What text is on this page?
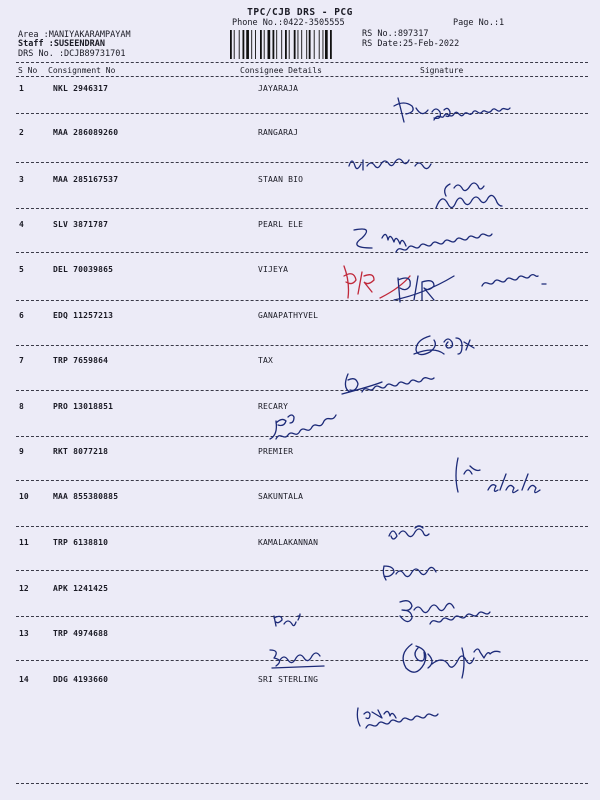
TPC/CJB DRS - PCG
Phone No.:0422-3505555	Page No.:1
Area :MANIYAKARAMPAYAM
Staff :SUSEENDRAN
DRS No. :DCJB89731701
RS No.:897317
RS Date:25-Feb-2022
S No Consignment No	Consignee Details	Signature
1	NKL 2946317	JAYARAJA
2	MAA 286089260	RANGARAJ
3	MAA 285167537	STAAN BIO
4	SLV 3871787	PEARL ELE
5	DEL 70039865	VIJEYA
6	EDQ 11257213	GANAPATHYVEL
7	TRP 7659864	TAX
8	PRO 13018851	RECARY
9	RKT 8077218	PREMIER
10	MAA 855380885	SAKUNTALA
11	TRP 6138810	KAMALAKANNAN
12	APK 1241425
13	TRP 4974688
14	DDG 4193660	SRI STERLING
